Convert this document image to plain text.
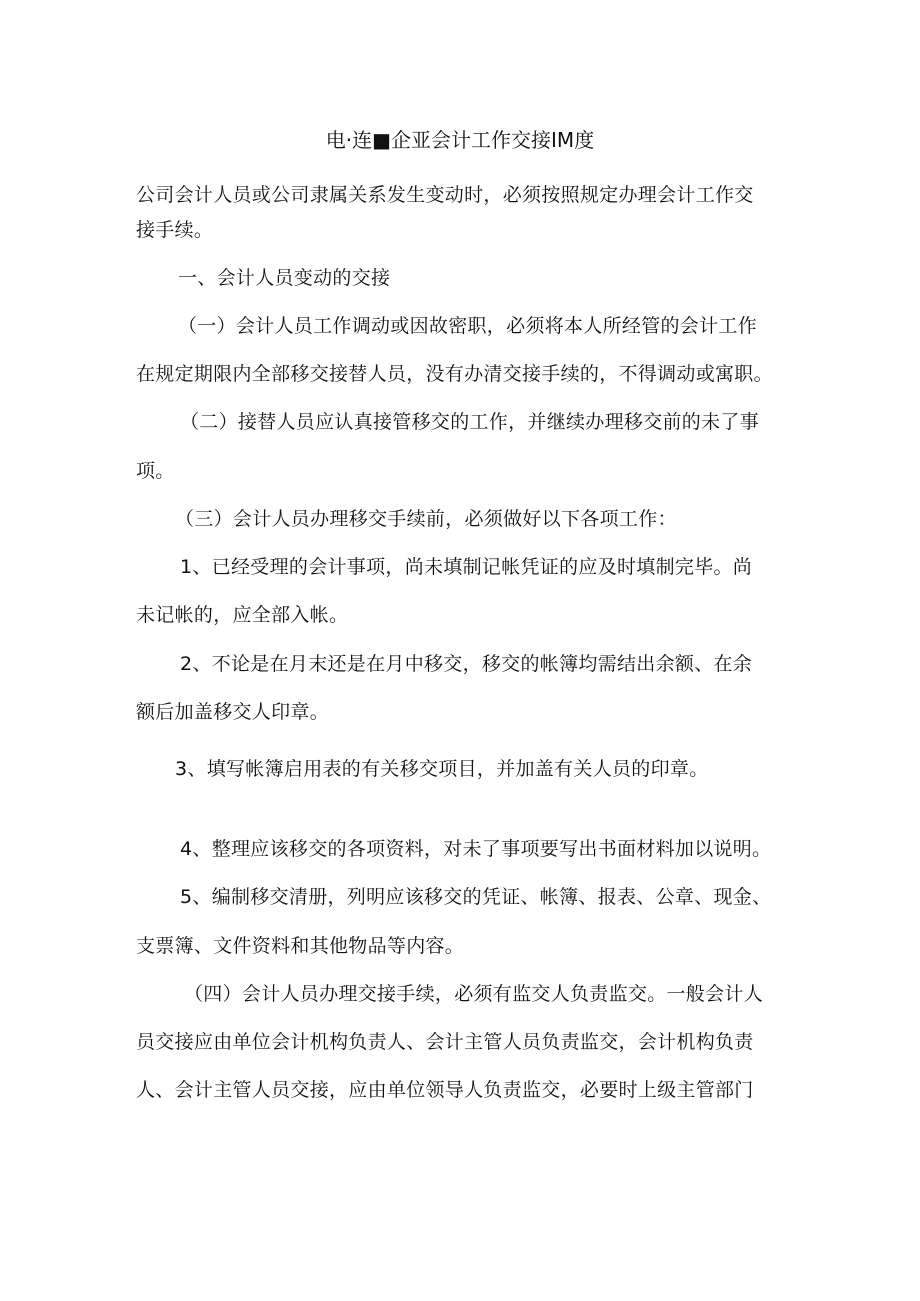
电·连■企亚会计工作交接IM度
公司会计人员或公司隶属关系发生变动时，必须按照规定办理会计工作交
接手续。
一、会计人员变动的交接
（一）会计人员工作调动或因故密职，必须将本人所经管的会计工作
在规定期限内全部移交接替人员，没有办清交接手续的，不得调动或寓职。
（二）接替人员应认真接管移交的工作，并继续办理移交前的未了事
项。
（三）会计人员办理移交手续前，必须做好以下各项工作：
1、已经受理的会计事项，尚未填制记帐凭证的应及时填制完毕。尚
未记帐的，应全部入帐。
2、不论是在月末还是在月中移交，移交的帐簿均需结出余额、在余
额后加盖移交人印章。
3、填写帐簿启用表的有关移交项目，并加盖有关人员的印章。
4、整理应该移交的各项资料，对未了事项要写出书面材料加以说明。
5、编制移交清册，列明应该移交的凭证、帐簿、报表、公章、现金、
支票簿、文件资料和其他物品等内容。
（四）会计人员办理交接手续，必须有监交人负责监交。一般会计人
员交接应由单位会计机构负责人、会计主管人员负责监交，会计机构负责
人、会计主管人员交接，应由单位领导人负责监交，必要时上级主管部门
